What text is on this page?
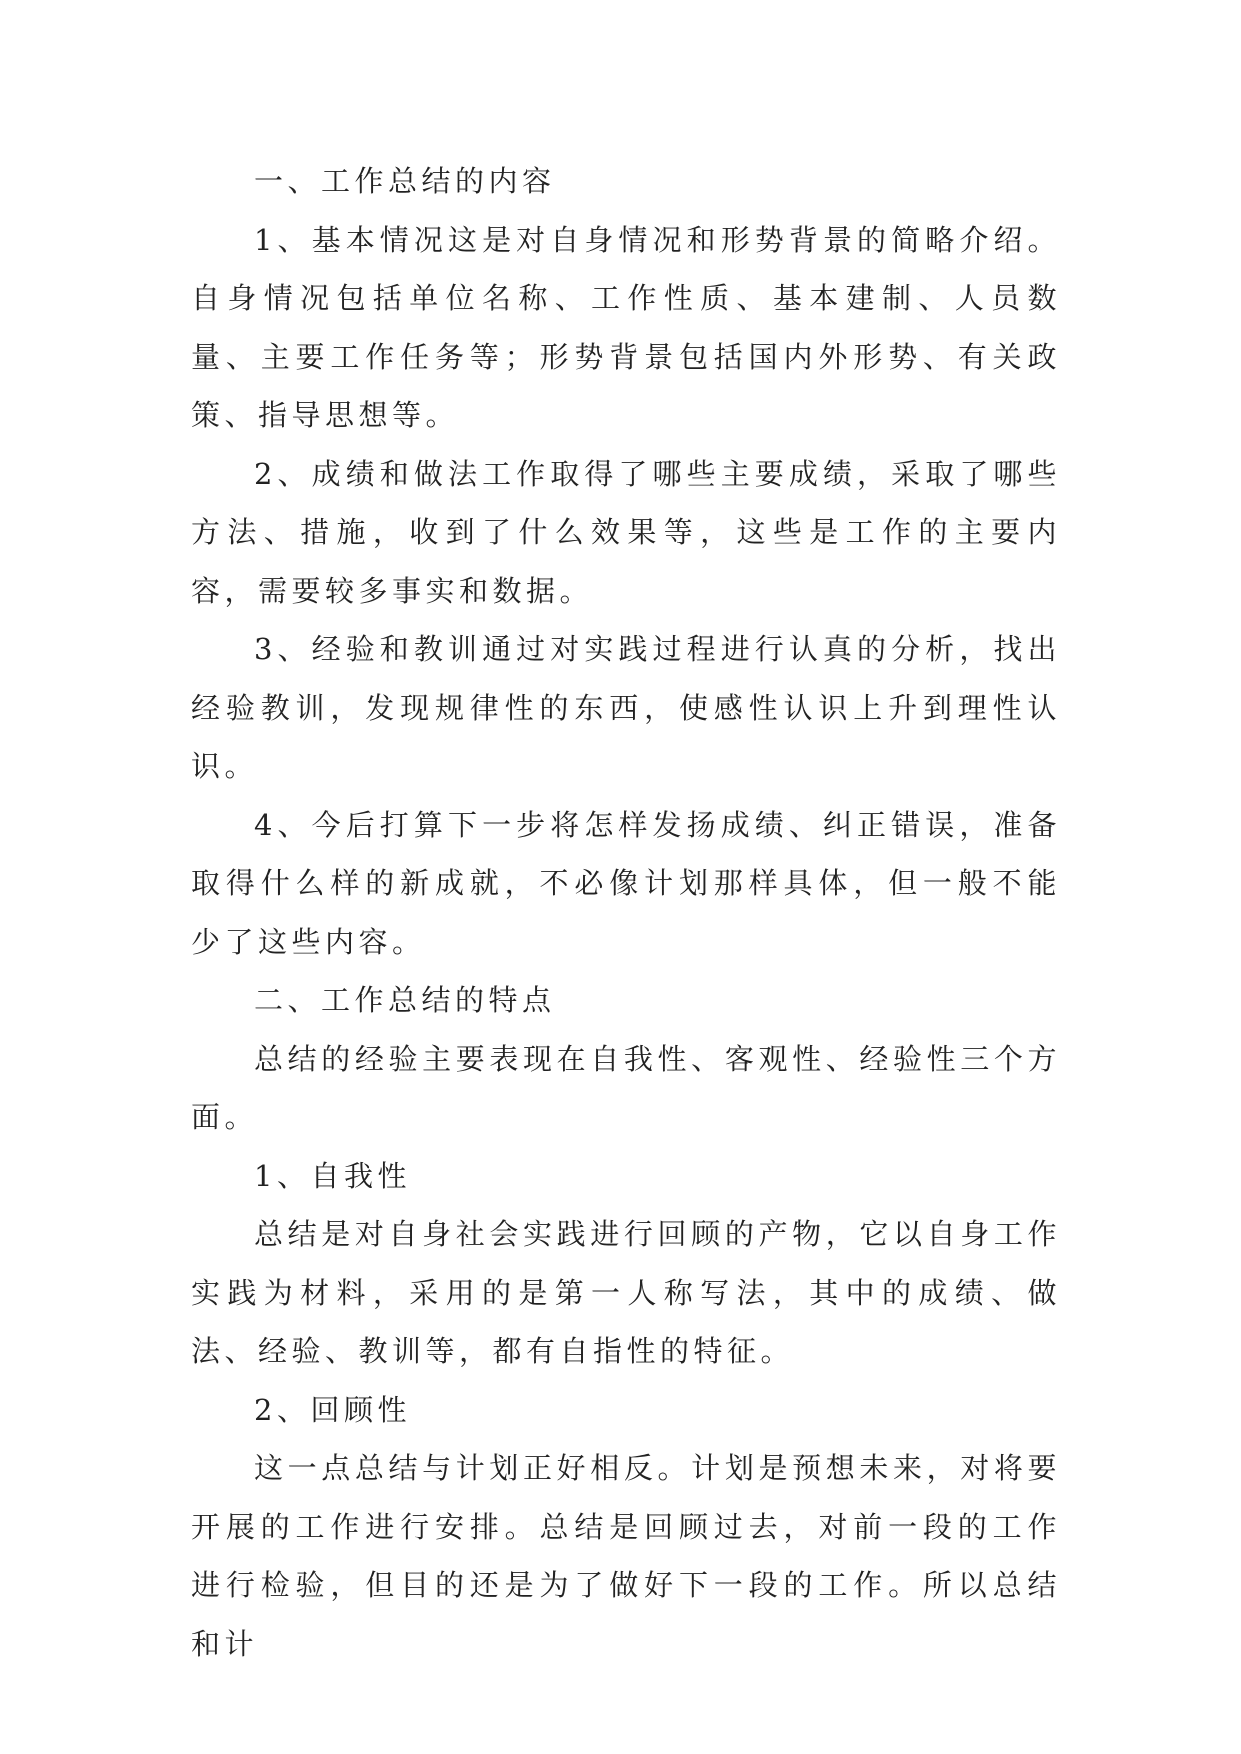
一、工作总结的内容

1、基本情况这是对自身情况和形势背景的简略介绍。自身情况包括单位名称、工作性质、基本建制、人员数量、主要工作任务等；形势背景包括国内外形势、有关政策、指导思想等。

2、成绩和做法工作取得了哪些主要成绩，采取了哪些方法、措施，收到了什么效果等，这些是工作的主要内容，需要较多事实和数据。

3、经验和教训通过对实践过程进行认真的分析，找出经验教训，发现规律性的东西，使感性认识上升到理性认识。

4、今后打算下一步将怎样发扬成绩、纠正错误，准备取得什么样的新成就，不必像计划那样具体，但一般不能少了这些内容。

二、工作总结的特点

总结的经验主要表现在自我性、客观性、经验性三个方面。

1、自我性

总结是对自身社会实践进行回顾的产物，它以自身工作实践为材料，采用的是第一人称写法，其中的成绩、做法、经验、教训等，都有自指性的特征。

2、回顾性

这一点总结与计划正好相反。计划是预想未来，对将要开展的工作进行安排。总结是回顾过去，对前一段的工作进行检验，但目的还是为了做好下一段的工作。所以总结和计
